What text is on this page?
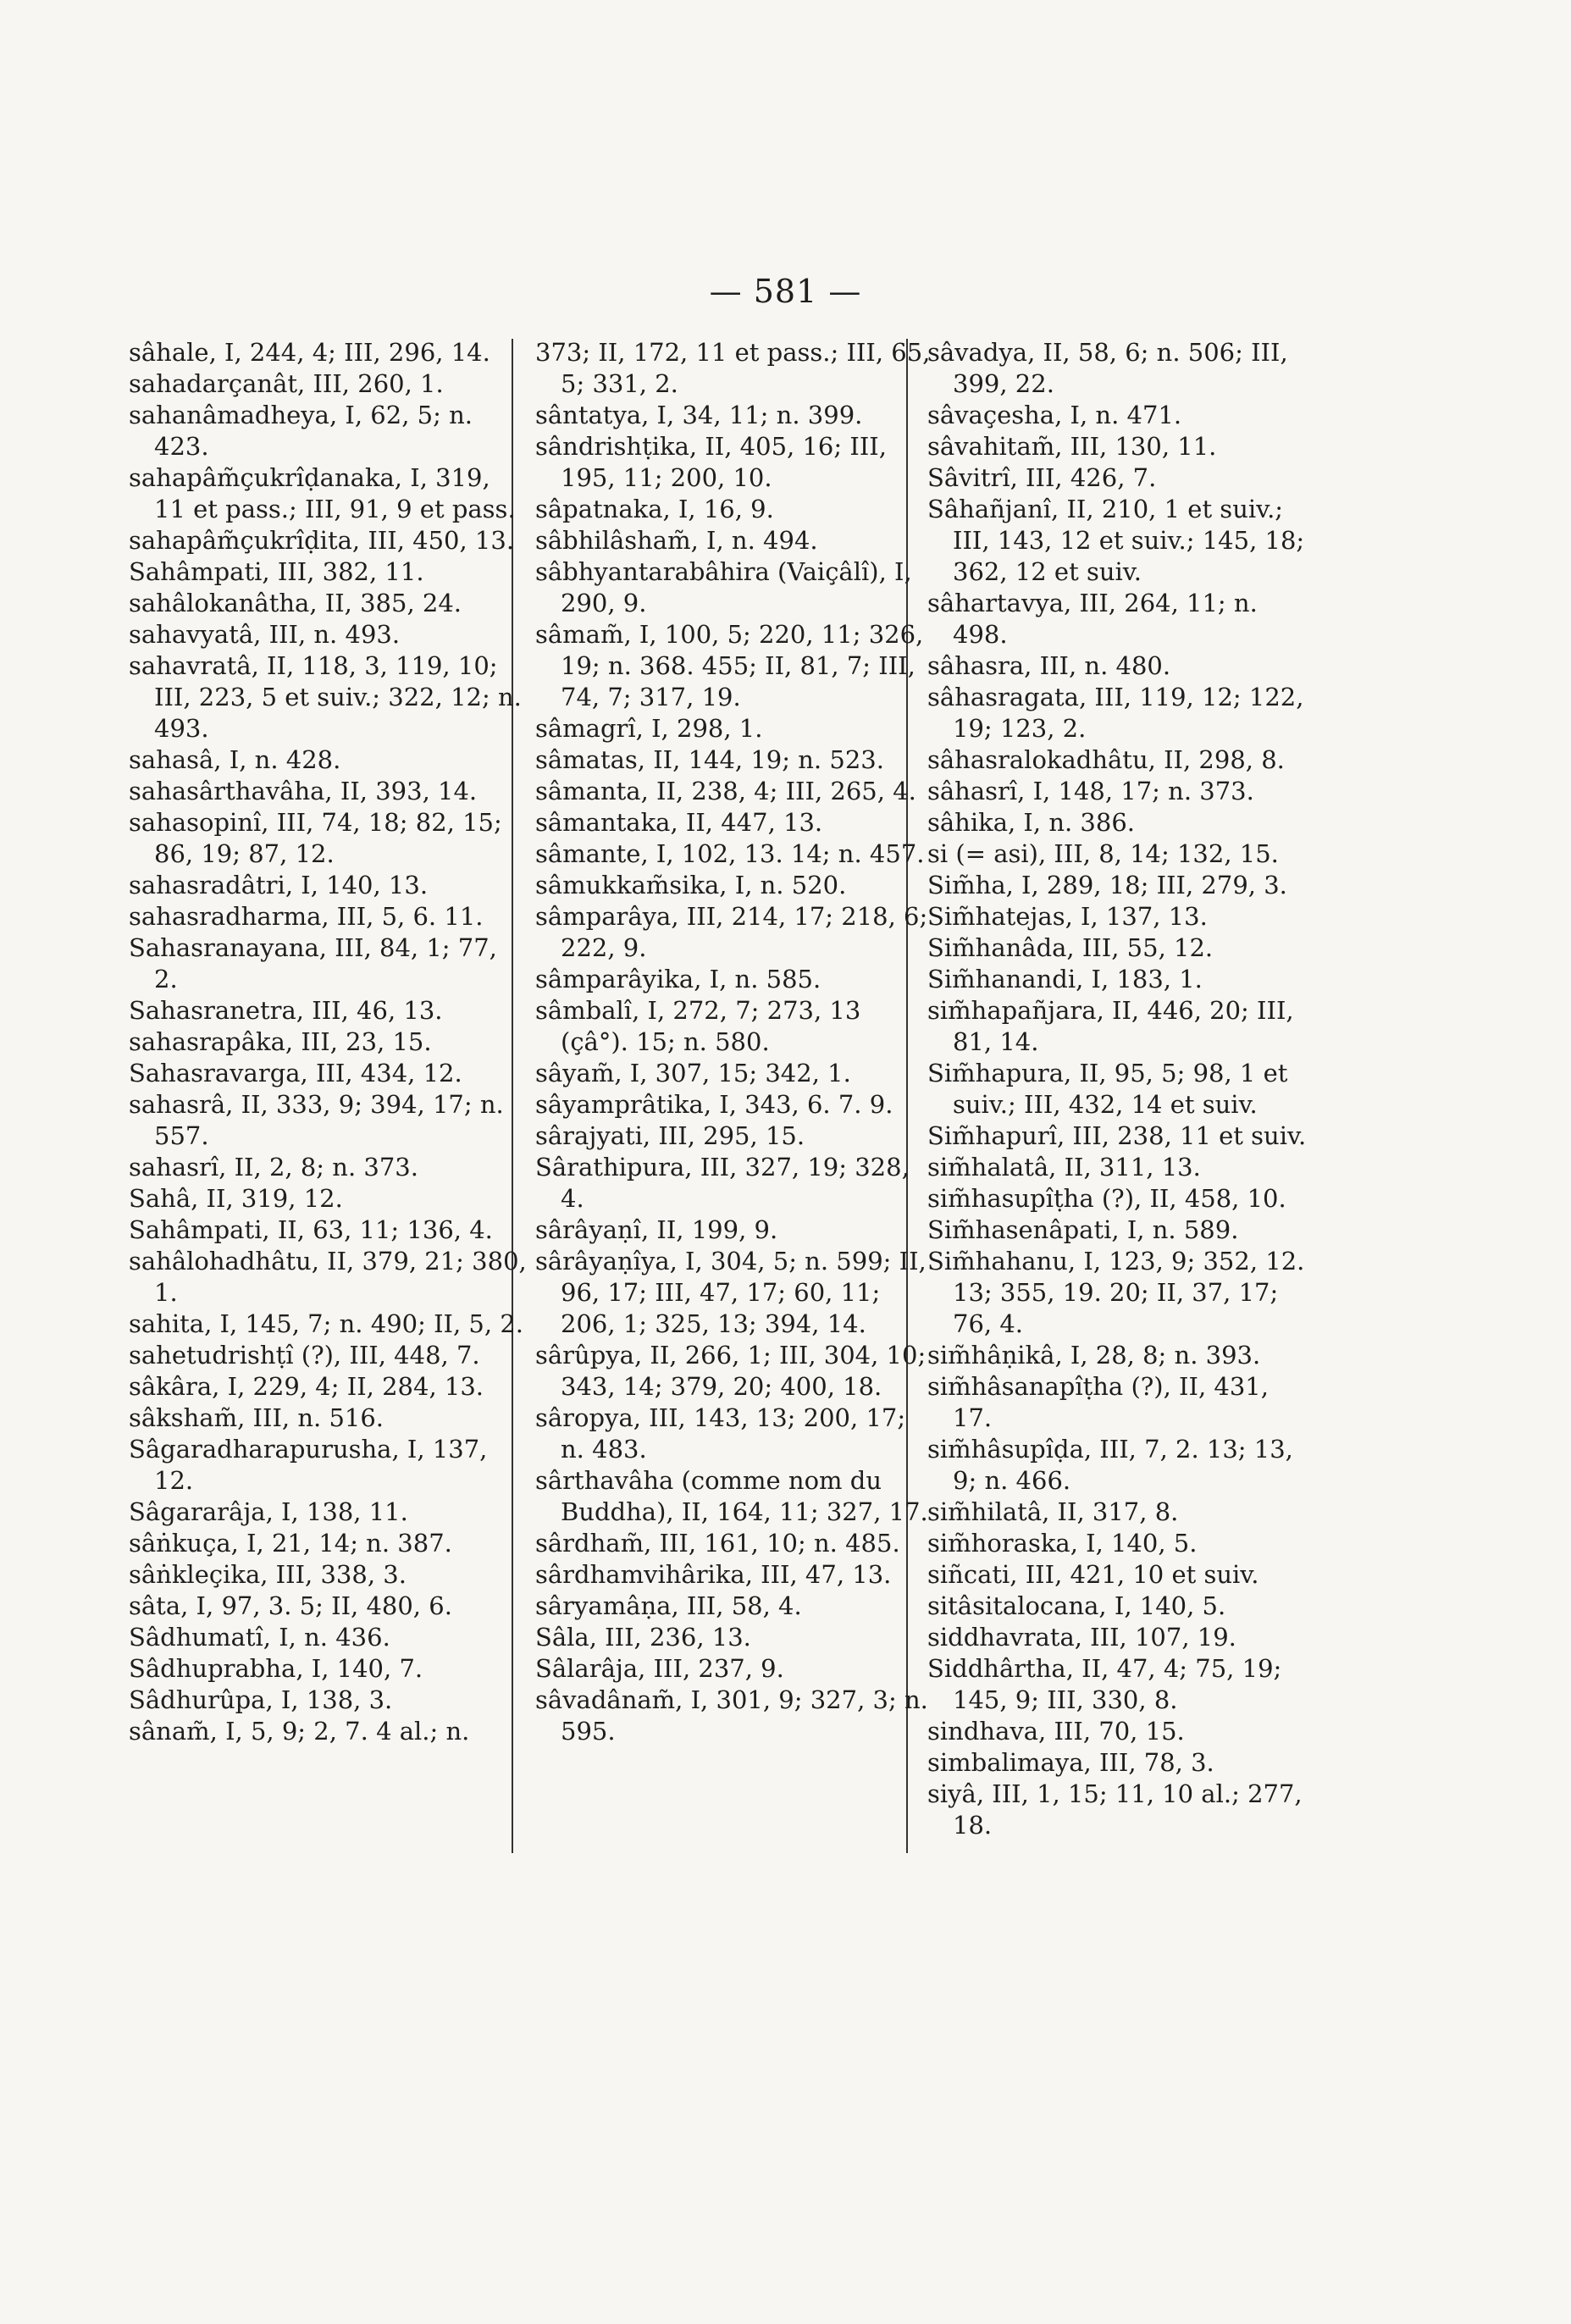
— 581 —

sâhale, I, 244, 4; III, 296, 14.

sahadarçanât, III, 260, 1.

sahanâmadheya, I, 62, 5; n. 423.

sahapâm̃çukrîḍanaka, I, 319, 11 et pass.; III, 91, 9 et pass.

sahapâm̃çukrîḍita, III, 450, 13.

Sahâmpati, III, 382, 11.

sahâlokanâtha, II, 385, 24.

sahavyatâ, III, n. 493.

sahavratâ, II, 118, 3, 119, 10; III, 223, 5 et suiv.; 322, 12; n. 493.

sahasâ, I, n. 428.

sahasârthavâha, II, 393, 14.

sahasopinî, III, 74, 18; 82, 15; 86, 19; 87, 12.

sahasradâtri, I, 140, 13.

sahasradharma, III, 5, 6. 11.

Sahasranayana, III, 84, 1; 77, 2.

Sahasranetra, III, 46, 13.

sahasrapâka, III, 23, 15.

Sahasravarga, III, 434, 12.

sahasrâ, II, 333, 9; 394, 17; n. 557.

sahasrî, II, 2, 8; n. 373.

Sahâ, II, 319, 12.

Sahâmpati, II, 63, 11; 136, 4.

sahâlohadhâtu, II, 379, 21; 380, 1.

sahita, I, 145, 7; n. 490; II, 5, 2.

sahetudrishṭî (?), III, 448, 7.

sâkâra, I, 229, 4; II, 284, 13.

sâksham̃, III, n. 516.

Sâgaradharapurusha, I, 137, 12.

Sâgararâja, I, 138, 11.

sâṅkuça, I, 21, 14; n. 387.

sâṅkleçika, III, 338, 3.

sâta, I, 97, 3. 5; II, 480, 6.

Sâdhumatî, I, n. 436.

Sâdhuprabha, I, 140, 7.

Sâdhurûpa, I, 138, 3.

sânam̃, I, 5, 9; 2, 7. 4 al.; n.

373; II, 172, 11 et pass.; III, 65, 5; 331, 2.

sântatya, I, 34, 11; n. 399.

sândrishṭika, II, 405, 16; III, 195, 11; 200, 10.

sâpatnaka, I, 16, 9.

sâbhilâsham̃, I, n. 494.

sâbhyantarabâhira (Vaiçâlî), I, 290, 9.

sâmam̃, I, 100, 5; 220, 11; 326, 19; n. 368. 455; II, 81, 7; III, 74, 7; 317, 19.

sâmagrî, I, 298, 1.

sâmatas, II, 144, 19; n. 523.

sâmanta, II, 238, 4; III, 265, 4.

sâmantaka, II, 447, 13.

sâmante, I, 102, 13. 14; n. 457.

sâmukkam̃sika, I, n. 520.

sâmparâya, III, 214, 17; 218, 6; 222, 9.

sâmparâyika, I, n. 585.

sâmbalî, I, 272, 7; 273, 13 (çâ°). 15; n. 580.

sâyam̃, I, 307, 15; 342, 1.

sâyamprâtika, I, 343, 6. 7. 9.

sârajyati, III, 295, 15.

Sârathipura, III, 327, 19; 328, 4.

sârâyaṇî, II, 199, 9.

sârâyaṇîya, I, 304, 5; n. 599; II, 96, 17; III, 47, 17; 60, 11; 206, 1; 325, 13; 394, 14.

sârûpya, II, 266, 1; III, 304, 10; 343, 14; 379, 20; 400, 18.

sâropya, III, 143, 13; 200, 17; n. 483.

sârthavâha (comme nom du Buddha), II, 164, 11; 327, 17.

sârdham̃, III, 161, 10; n. 485.

sârdhamvihârika, III, 47, 13.

sâryamâṇa, III, 58, 4.

Sâla, III, 236, 13.

Sâlarâja, III, 237, 9.

sâvadânam̃, I, 301, 9; 327, 3; n. 595.

sâvadya, II, 58, 6; n. 506; III, 399, 22.

sâvaçesha, I, n. 471.

sâvahitam̃, III, 130, 11.

Sâvitrî, III, 426, 7.

Sâhañjanî, II, 210, 1 et suiv.; III, 143, 12 et suiv.; 145, 18; 362, 12 et suiv.

sâhartavya, III, 264, 11; n. 498.

sâhasra, III, n. 480.

sâhasragata, III, 119, 12; 122, 19; 123, 2.

sâhasralokadhâtu, II, 298, 8.

sâhasrî, I, 148, 17; n. 373.

sâhika, I, n. 386.

si (= asi), III, 8, 14; 132, 15.

Sim̃ha, I, 289, 18; III, 279, 3.

Sim̃hatejas, I, 137, 13.

Sim̃hanâda, III, 55, 12.

Sim̃hanandi, I, 183, 1.

sim̃hapañjara, II, 446, 20; III, 81, 14.

Sim̃hapura, II, 95, 5; 98, 1 et suiv.; III, 432, 14 et suiv.

Sim̃hapurî, III, 238, 11 et suiv.

sim̃halatâ, II, 311, 13.

sim̃hasupîṭha (?), II, 458, 10.

Sim̃hasenâpati, I, n. 589.

Sim̃hahanu, I, 123, 9; 352, 12. 13; 355, 19. 20; II, 37, 17; 76, 4.

sim̃hâṇikâ, I, 28, 8; n. 393.

sim̃hâsanapîṭha (?), II, 431, 17.

sim̃hâsupîḍa, III, 7, 2. 13; 13, 9; n. 466.

sim̃hilatâ, II, 317, 8.

sim̃horaska, I, 140, 5.

siñcati, III, 421, 10 et suiv.

sitâsitalocana, I, 140, 5.

siddhavrata, III, 107, 19.

Siddhârtha, II, 47, 4; 75, 19; 145, 9; III, 330, 8.

sindhava, III, 70, 15.

simbalimaya, III, 78, 3.

siyâ, III, 1, 15; 11, 10 al.; 277, 18.
